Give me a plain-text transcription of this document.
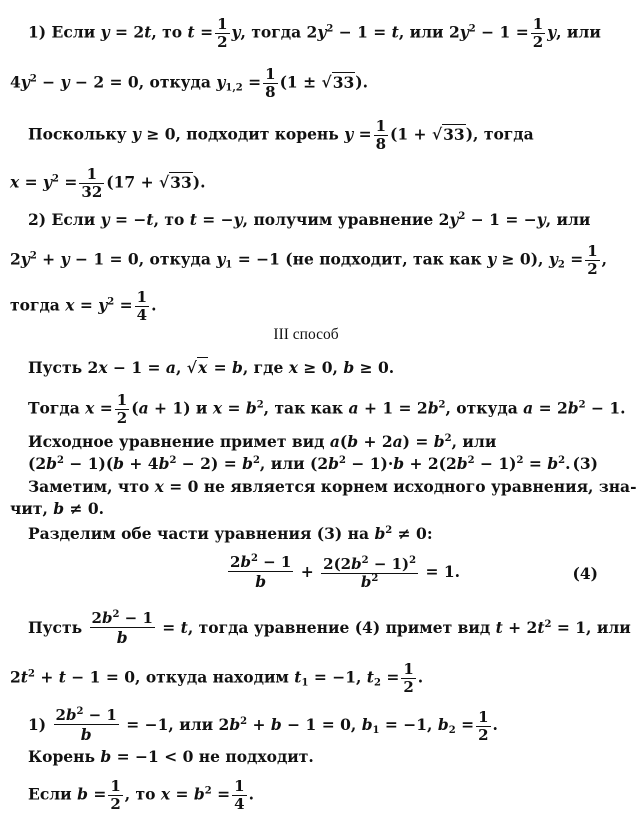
1) Если y = 2t, то $t = \frac{1}{2} y$, тогда $2y^2 - 1 = t$, или $2y^2 - 1 = \frac{1}{2} y$, или
$4y^2 - y - 2 = 0$, откуда $y_{1,2} = \frac{1}{8} (1 \pm √33)$.
Поскольку y ≥ 0, подходит корень $y = \frac{1}{8} (1 + √33)$, тогда
$x = y^2 = \frac{1}{32} (17 + √33)$.
2) Если y = −t, то t = −y, получим уравнение $2y^2 - 1 = -y$, или
$2y^2 + y - 1 = 0$, откуда $y_1 = -1$ (не подходит, так как y ≥ 0), $y_2 = \frac{1}{2}$ ,
тогда $x = y^2 = \frac{1}{4}$ .
III способ
Пусть 2x − 1 = a, √x = b, где x ≥ 0, b ≥ 0.
Тогда $x = \frac{1}{2} (a + 1)$ и $x = b^2$, так как $a + 1 = 2b^2$, откуда $a = 2b^2 - 1$.
Исходное уравнение примет вид $a(b + 2a) = b^2$, или
$(2b^2 - 1)(b + 4b^2 - 2) = b^2$, или $(2b^2 - 1)\cdot b + 2(2b^2 - 1)^2 = b^2$. (3)
Заметим, что x = 0 не является корнем исходного уравнения, зна-
чит, b ≠ 0.
Разделим обе части уравнения (3) на $b^2 \ne 0$:
$\frac{2b^2 - 1}{b} + \frac{2(2b^2 - 1)^2}{b^2} = 1$.	(4)
Пусть $\frac{2b^2 - 1}{b} = t$, тогда уравнение (4) примет вид $t + 2t^2 = 1$, или
$2t^2 + t - 1 = 0$, откуда находим $t_1 = -1$, $t_2 = \frac{1}{2}$ .
$1) \frac{2b^2 - 1}{b} = -1$, или $2b^2 + b - 1 = 0$, $b_1 = -1$, $b_2 = \frac{1}{2}$ .
Корень b = −1 < 0 не подходит.
Если $b = \frac{1}{2}$ , то $x = b^2 = \frac{1}{4}$ .
